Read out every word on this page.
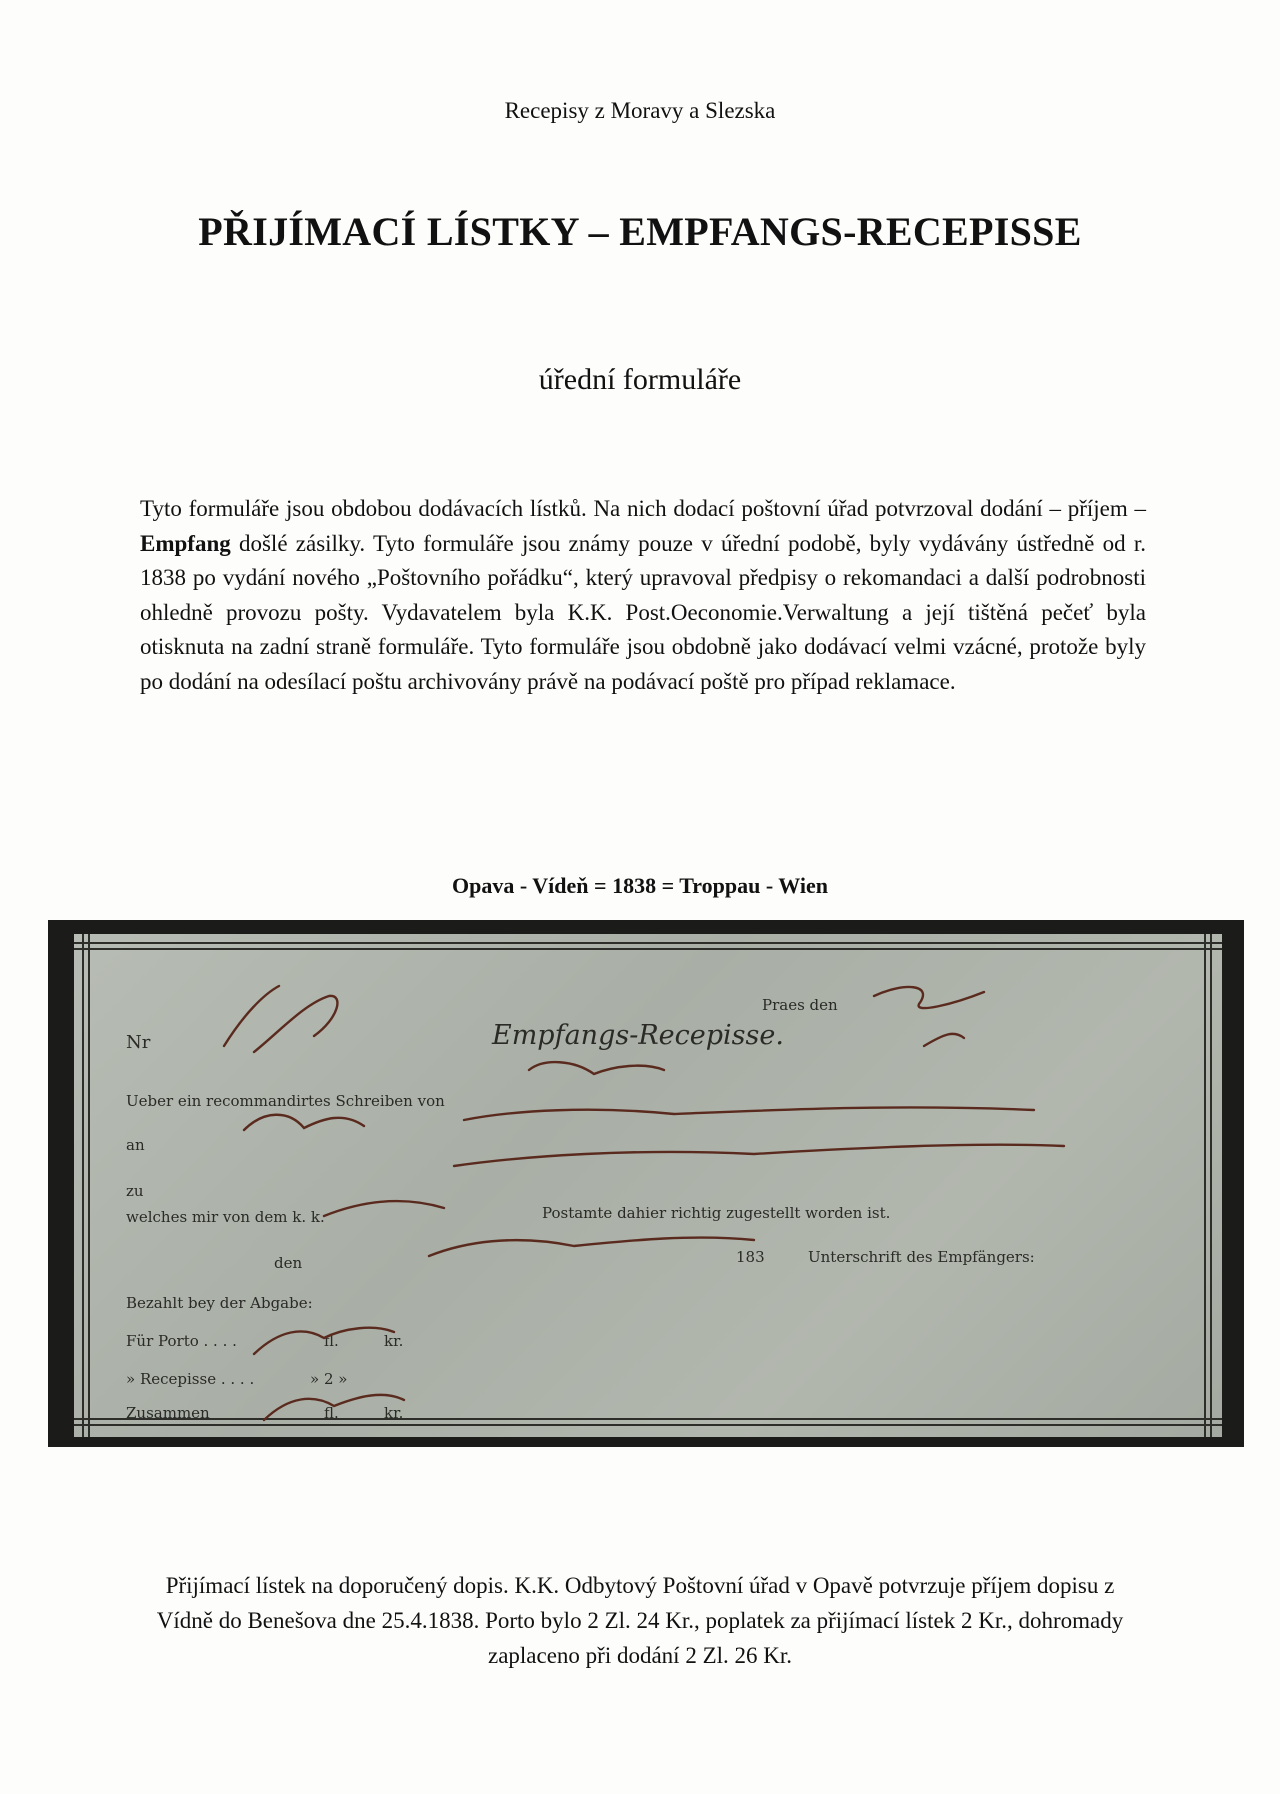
Recepisy z Moravy a Slezska
PŘIJÍMACÍ LÍSTKY – EMPFANGS-RECEPISSE
úřední formuláře
Tyto formuláře jsou obdobou dodávacích lístků. Na nich dodací poštovní úřad potvrzoval dodání – příjem – Empfang došlé zásilky. Tyto formuláře jsou známy pouze v úřední podobě, byly vydávány ústředně od r. 1838 po vydání nového „Poštovního pořádku“, který upravoval předpisy o rekomandaci a další podrobnosti ohledně provozu pošty. Vydavatelem byla K.K. Post.Oeconomie.Verwaltung a její tištěná pečeť byla otisknuta na zadní straně formuláře. Tyto formuláře jsou obdobně jako dodávací velmi vzácné, protože byly po dodání na odesílací poštu archivovány právě na podávací poště pro případ reklamace.
Opava - Vídeň = 1838 = Troppau - Wien
Praes den
Nr	Empfangs-Recepisse.
Ueber ein recommandirtes Schreiben von
an
zu
welches mir von dem k. k.	Postamte dahier richtig zugestellt worden ist.
den	183	Unterschrift des Empfängers:
Bezahlt bey der Abgabe:
Für Porto . . . .	fl.	kr.
» Recepisse . . . .	» 2 »
Zusammen	fl.	kr.
Přijímací lístek na doporučený dopis. K.K. Odbytový Poštovní úřad v Opavě potvrzuje příjem dopisu z Vídně do Benešova dne 25.4.1838. Porto bylo 2 Zl. 24 Kr., poplatek za přijímací lístek 2 Kr., dohromady zaplaceno při dodání 2 Zl. 26 Kr.
